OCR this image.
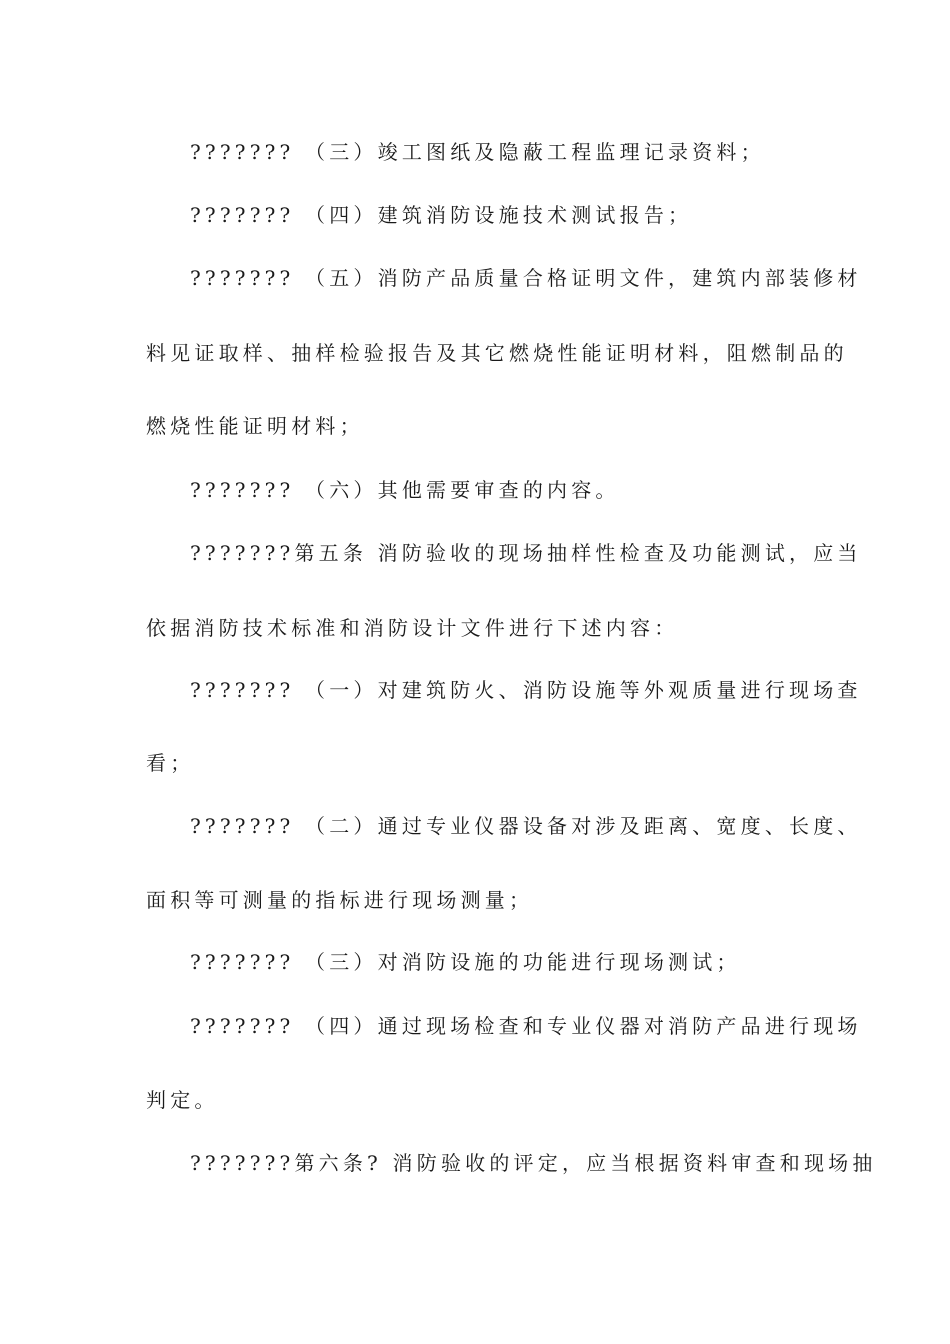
??????? （三）竣工图纸及隐蔽工程监理记录资料；
??????? （四）建筑消防设施技术测试报告；
??????? （五）消防产品质量合格证明文件，建筑内部装修材
料见证取样、抽样检验报告及其它燃烧性能证明材料，阻燃制品的
燃烧性能证明材料；
??????? （六）其他需要审查的内容。
???????第五条 消防验收的现场抽样性检查及功能测试，应当
依据消防技术标准和消防设计文件进行下述内容：
??????? （一）对建筑防火、消防设施等外观质量进行现场查
看；
??????? （二）通过专业仪器设备对涉及距离、宽度、长度、
面积等可测量的指标进行现场测量；
??????? （三）对消防设施的功能进行现场测试；
??????? （四）通过现场检查和专业仪器对消防产品进行现场
判定。
???????第六条? 消防验收的评定，应当根据资料审查和现场抽
